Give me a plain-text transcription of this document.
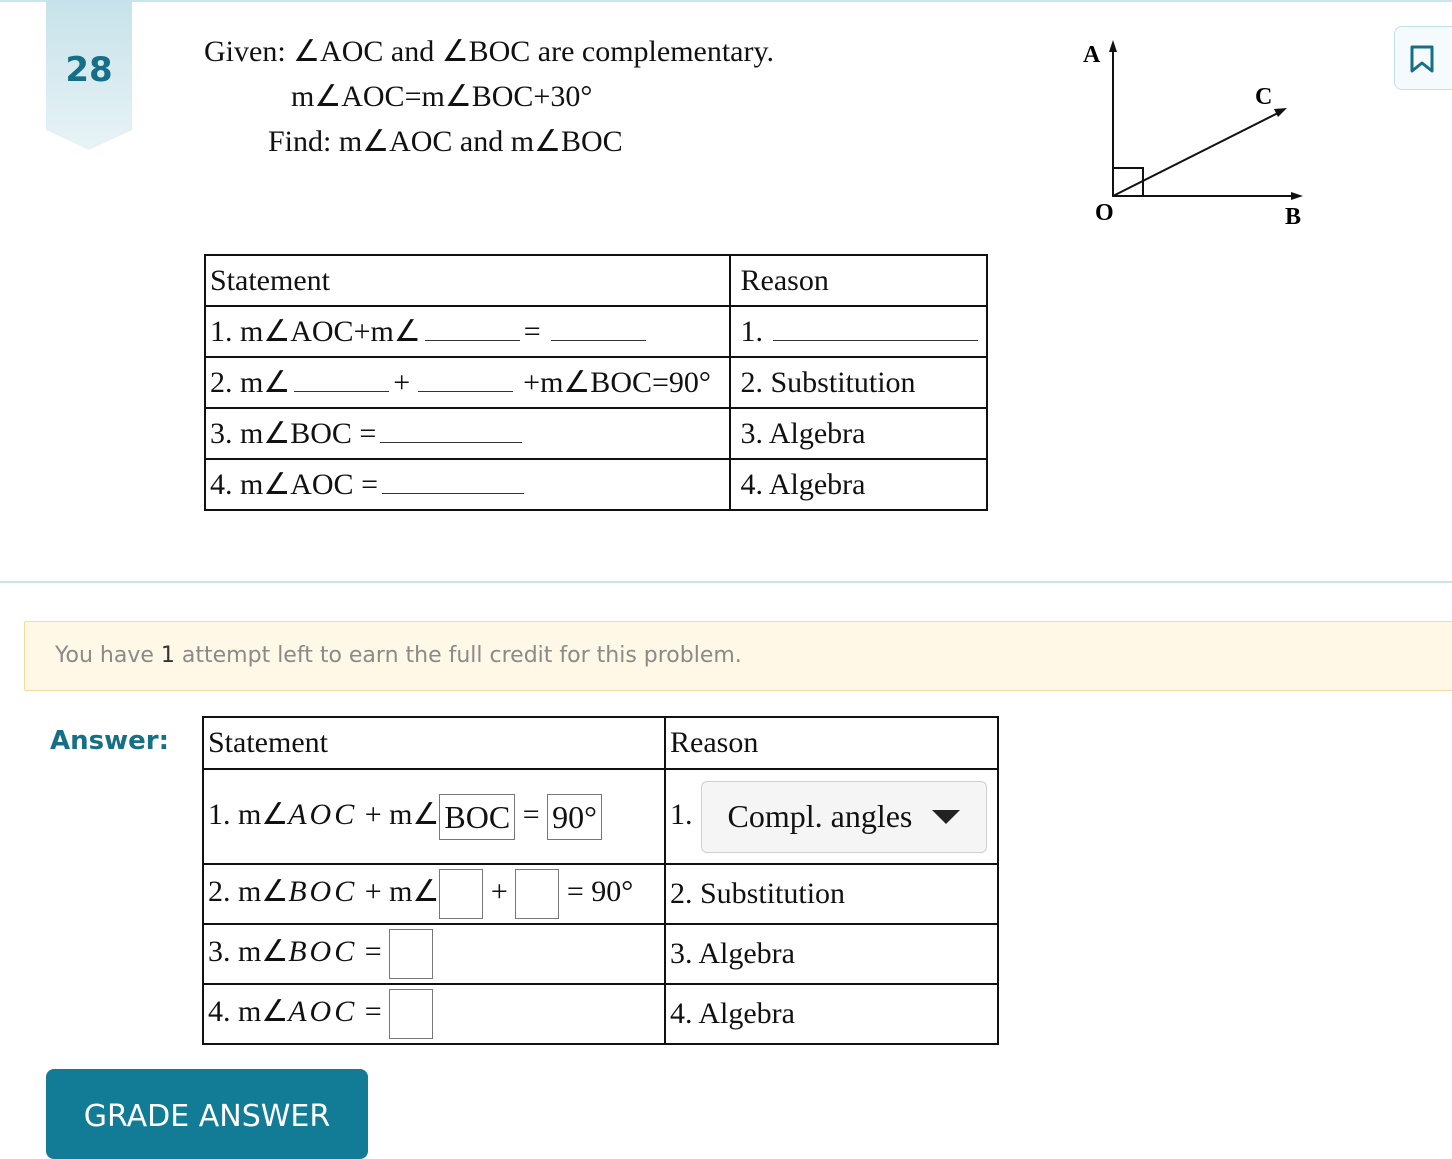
28	Given: ∠AOC and ∠BOC are complementary.
m∠AOC=m∠BOC+30°
Find: m∠AOC and m∠BOC
A
C
O	B
Statement	Reason
1. m∠AOC+m∠ =	1.
2. m∠ + +m∠BOC=90°	2. Substitution
3. m∠BOC =	3. Algebra
4. m∠AOC =	4. Algebra
You have 1 attempt left to earn the full credit for this problem.
Answer: Statement	Reason
1. m∠AOC + m∠ BOC = 90°	1. Compl. angles

2. m∠BOC + m∠ + = 90°	2. Substitution
3. m∠BOC =	3. Algebra
4. m∠AOC =	4. Algebra
GRADE ANSWER
